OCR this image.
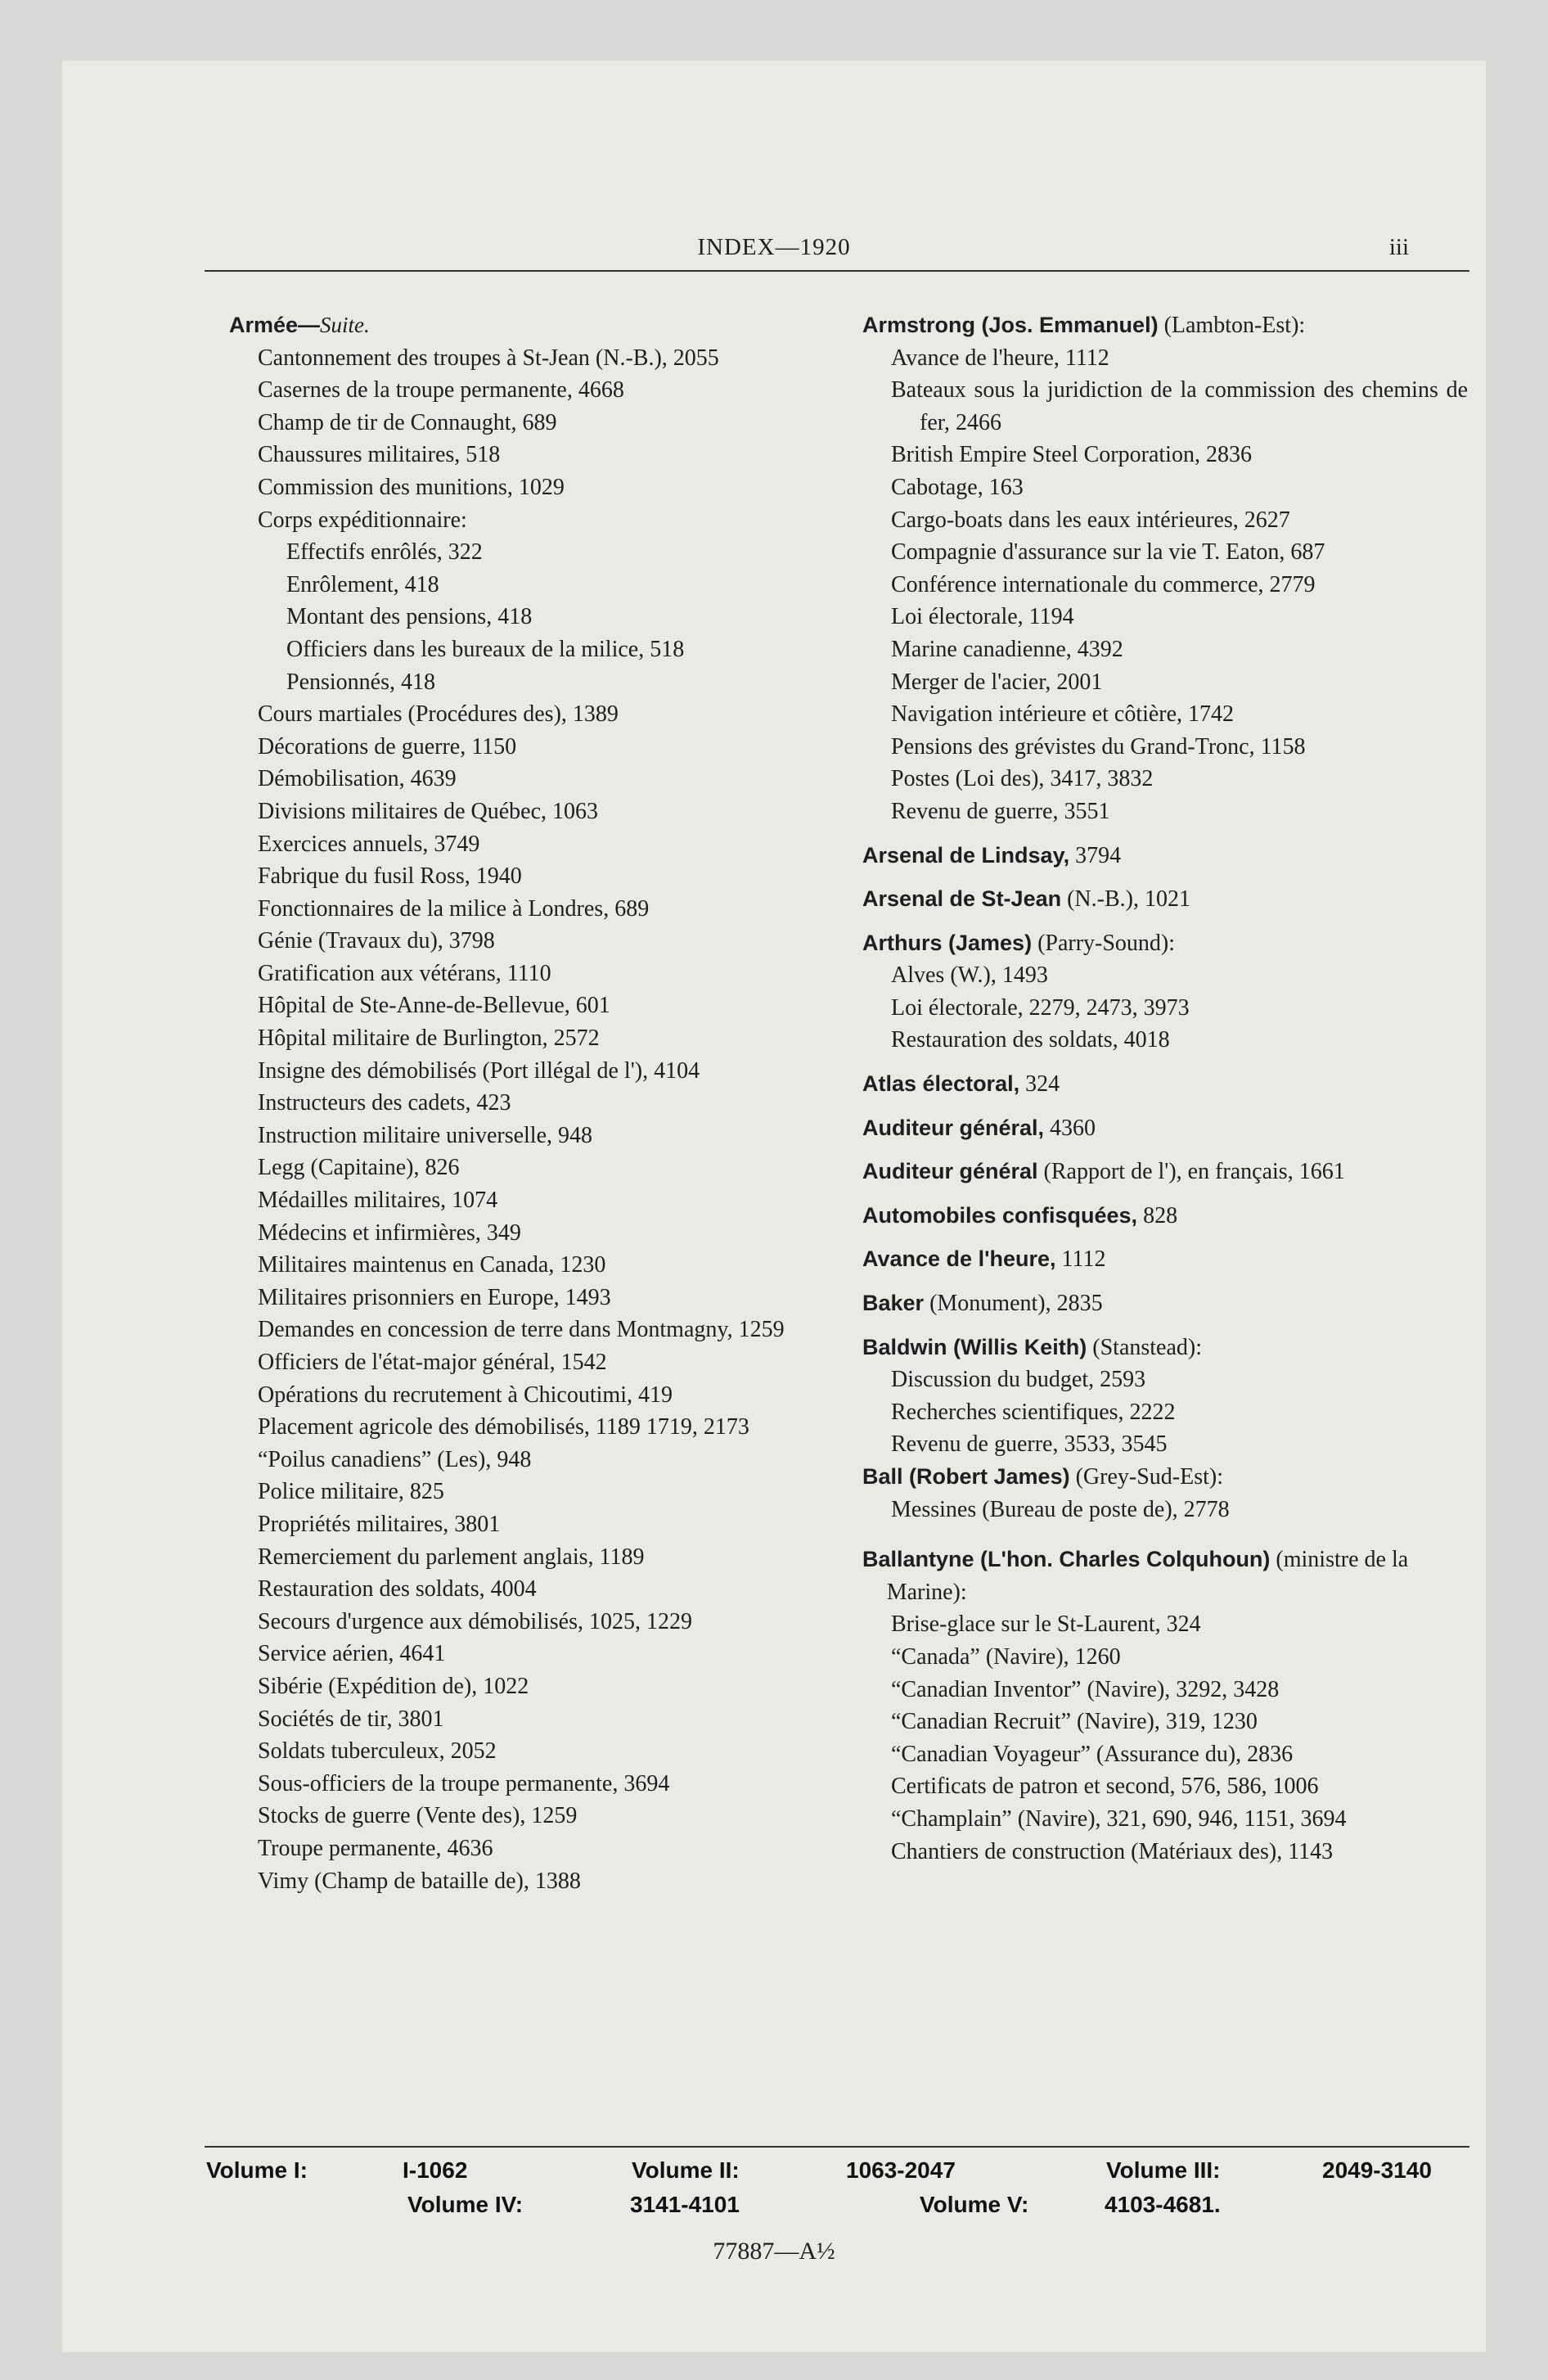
INDEX—1920	iii
Armée—Suite.
Cantonnement des troupes à St-Jean (N.-B.), 2055
Casernes de la troupe permanente, 4668
Champ de tir de Connaught, 689
Chaussures militaires, 518
Commission des munitions, 1029
Corps expéditionnaire:
Effectifs enrôlés, 322
Enrôlement, 418
Montant des pensions, 418
Officiers dans les bureaux de la milice, 518
Pensionnés, 418
Cours martiales (Procédures des), 1389
Décorations de guerre, 1150
Démobilisation, 4639
Divisions militaires de Québec, 1063
Exercices annuels, 3749
Fabrique du fusil Ross, 1940
Fonctionnaires de la milice à Londres, 689
Génie (Travaux du), 3798
Gratification aux vétérans, 1110
Hôpital de Ste-Anne-de-Bellevue, 601
Hôpital militaire de Burlington, 2572
Insigne des démobilisés (Port illégal de l'), 4104
Instructeurs des cadets, 423
Instruction militaire universelle, 948
Legg (Capitaine), 826
Médailles militaires, 1074
Médecins et infirmières, 349
Militaires maintenus en Canada, 1230
Militaires prisonniers en Europe, 1493
Demandes en concession de terre dans Montmagny, 1259
Officiers de l'état-major général, 1542
Opérations du recrutement à Chicoutimi, 419
Placement agricole des démobilisés, 1189 1719, 2173
“Poilus canadiens” (Les), 948
Police militaire, 825
Propriétés militaires, 3801
Remerciement du parlement anglais, 1189
Restauration des soldats, 4004
Secours d'urgence aux démobilisés, 1025, 1229
Service aérien, 4641
Sibérie (Expédition de), 1022
Sociétés de tir, 3801
Soldats tuberculeux, 2052
Sous-officiers de la troupe permanente, 3694
Stocks de guerre (Vente des), 1259
Troupe permanente, 4636
Vimy (Champ de bataille de), 1388
Armstrong (Jos. Emmanuel) (Lambton-Est):
Avance de l'heure, 1112
Bateaux sous la juridiction de la commission des chemins de fer, 2466
British Empire Steel Corporation, 2836
Cabotage, 163
Cargo-boats dans les eaux intérieures, 2627
Compagnie d'assurance sur la vie T. Eaton, 687
Conférence internationale du commerce, 2779
Loi électorale, 1194
Marine canadienne, 4392
Merger de l'acier, 2001
Navigation intérieure et côtière, 1742
Pensions des grévistes du Grand-Tronc, 1158
Postes (Loi des), 3417, 3832
Revenu de guerre, 3551
Arsenal de Lindsay, 3794
Arsenal de St-Jean (N.-B.), 1021
Arthurs (James) (Parry-Sound):
Alves (W.), 1493
Loi électorale, 2279, 2473, 3973
Restauration des soldats, 4018
Atlas électoral, 324
Auditeur général, 4360
Auditeur général (Rapport de l'), en français, 1661
Automobiles confisquées, 828
Avance de l'heure, 1112
Baker (Monument), 2835
Baldwin (Willis Keith) (Stanstead):
Discussion du budget, 2593
Recherches scientifiques, 2222
Revenu de guerre, 3533, 3545
Ball (Robert James) (Grey-Sud-Est):
Messines (Bureau de poste de), 2778
Ballantyne (L'hon. Charles Colquhoun) (ministre de la Marine):
Brise-glace sur le St-Laurent, 324
“Canada” (Navire), 1260
“Canadian Inventor” (Navire), 3292, 3428
“Canadian Recruit” (Navire), 319, 1230
“Canadian Voyageur” (Assurance du), 2836
Certificats de patron et second, 576, 586, 1006
“Champlain” (Navire), 321, 690, 946, 1151, 3694
Chantiers de construction (Matériaux des), 1143
Volume I:	I-1062	Volume II:	1063-2047	Volume III:	2049-3140
Volume IV:	3141-4101	Volume V:	4103-4681.
77887—A½
